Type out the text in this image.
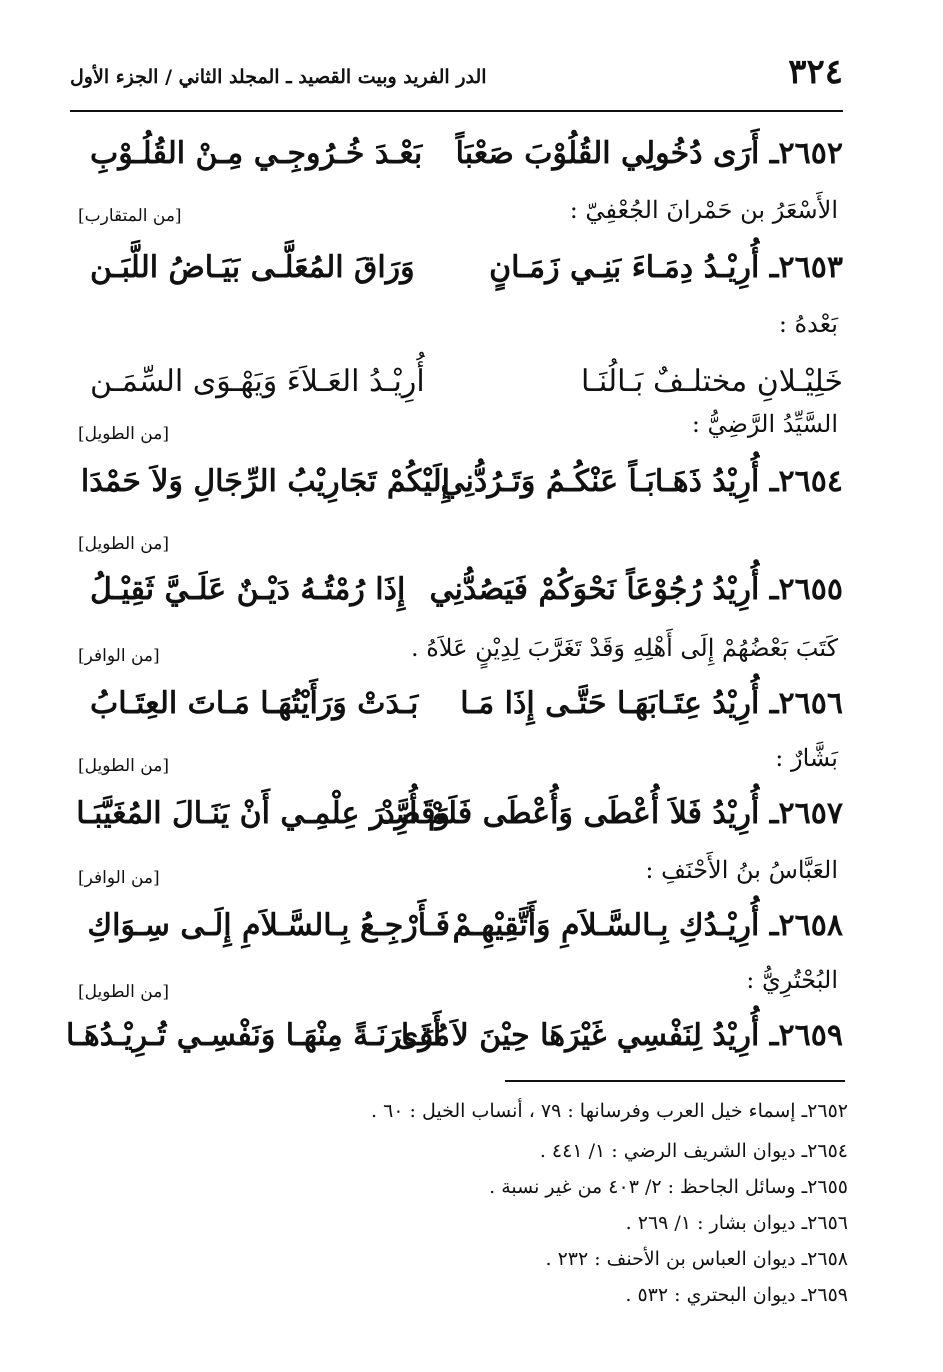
٣٢٤
الدر الفريد وبيت القصيد ـ المجلد الثاني / الجزء الأول
٢٦٥٢ـ أَرَى دُخُولِي القُلُوْبَ صَعْبَاً
بَعْـدَ خُـرُوجِـي مِـنْ القُلُـوْبِ
الأَسْعَرُ بن حَمْرانَ الجُعْفِيّ :
[من المتقارب]
٢٦٥٣ـ أُرِيْـدُ دِمَـاءَ بَنِـي زَمَـانٍ
وَرَاقَ المُعَلَّـى بَيَـاضُ اللَّبَـن
بَعْدهُ :
خَلِيْـلانِ مختلـفٌ بَـالُنَـا
أُرِيْـدُ العَـلاَءَ وَيَهْـوَى السِّمَـن
السَّيِّدُ الرَّضِيُّ :
[من الطويل]
٢٦٥٤ـ أُرِيْدُ ذَهَـابَـاً عَنْكُـمُ وَتَـرُدُّنِي
إِلَيْكُمْ تَجَارِيْبُ الرِّجَالِ وَلاَ حَمْدَا
[من الطويل]
٢٦٥٥ـ أُرِيْدُ رُجُوْعَاً نَحْوَكُمْ فَيَصُدُّنِي
إِذَا رُمْتُـهُ دَيْـنٌ عَلَـيَّ ثَقِيْـلُ
كَتَبَ بَعْضُهُمْ إِلَى أَهْلِهِ وَقَدْ تَغَرَّبَ لِدِيْنٍ عَلاَهُ .
[من الوافر]
٢٦٥٦ـ أُرِيْدُ عِتَـابَهَـا حَتَّـى إِذَا مَـا
بَـدَتْ وَرَأَيْتُهَـا مَـاتَ العِتَـابُ
بَشَّارٌ :
[من الطويل]
٢٦٥٧ـ أُرِيْدُ فَلاَ أُعْطَى وَأُعْطَى فَلَمْ أُرِدْ
وَقَصَّـرَ عِلْمِـي أَنْ يَنَـالَ المُغَيَّبَـا
العَبَّاسُ بنُ الأَحْنَفِ :
[من الوافر]
٢٦٥٨ـ أُرِيْـدُكِ بِـالسَّـلاَمِ وَأَتَّقِيْهِـمْ
فَـأَرْجِـعُ بِـالسَّـلاَمِ إِلَـى سِـوَاكِ
البُحْتُرِيُّ :
[من الطويل]
٢٦٥٩ـ أُرِيْدُ لِنَفْسِي غَيْرَهَا حِيْنَ لاَ أَرَى
مُقَـارَنَـةً مِنْهَـا وَنَفْسِـي تُـرِيْـدُهَـا
٢٦٥٢ـ إسماء خيل العرب وفرسانها : ٧٩ ، أنساب الخيل : ٦٠ .
٢٦٥٤ـ ديوان الشريف الرضي : ١/ ٤٤١ .
٢٦٥٥ـ وسائل الجاحظ : ٢/ ٤٠٣ من غير نسبة .
٢٦٥٦ـ ديوان بشار : ١/ ٢٦٩ .
٢٦٥٨ـ ديوان العباس بن الأحنف : ٢٣٢ .
٢٦٥٩ـ ديوان البحتري : ٥٣٢ .
